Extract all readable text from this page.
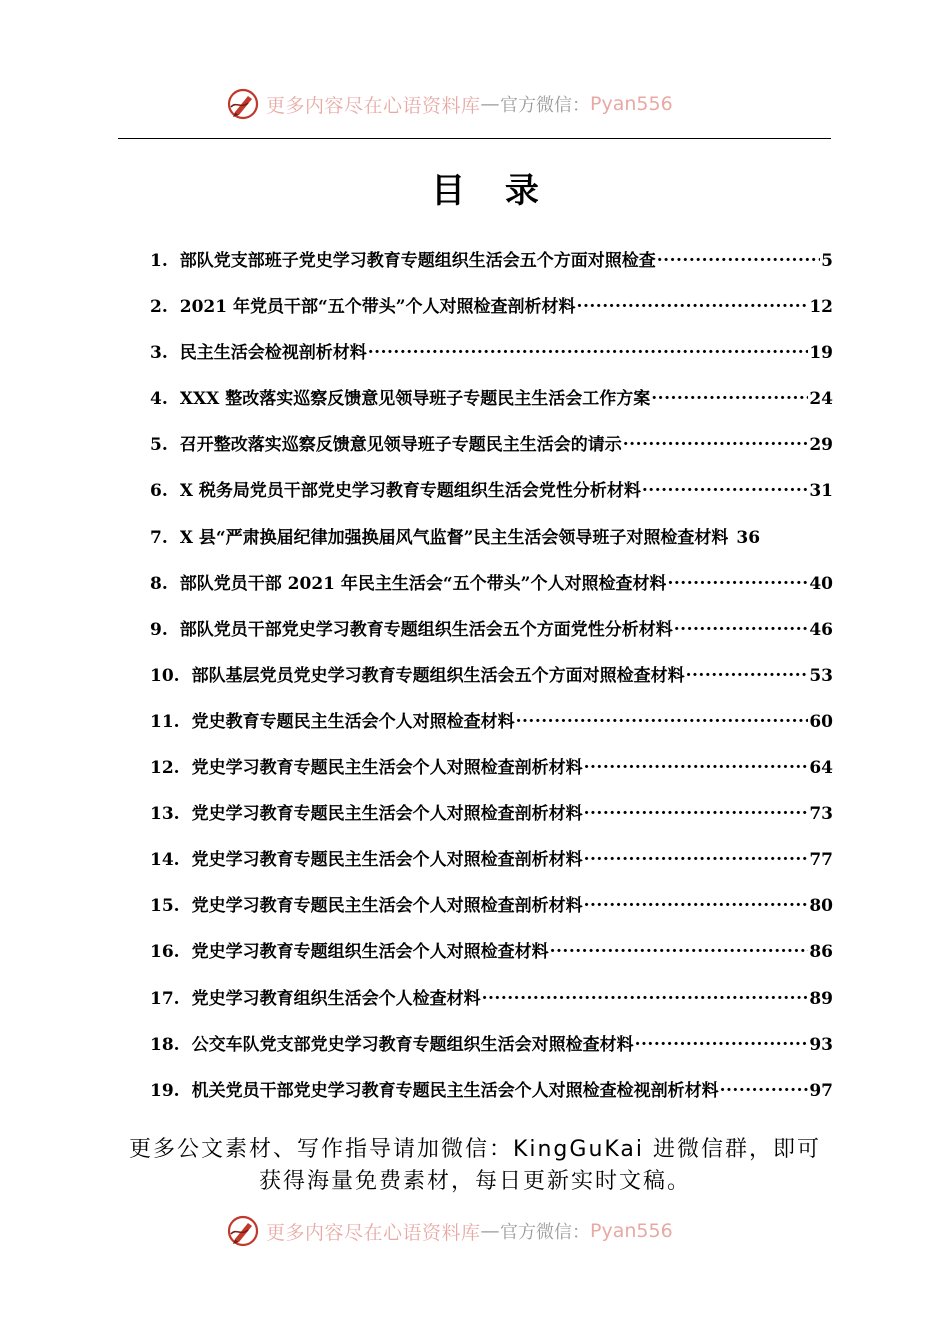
更多内容尽在心语资料库 — 官方微信： Pyan556
目 录
1. 部队党支部班子党史学习教育专题组织生活会五个方面对照检查 .....	5
2. 2021 年党员干部“五个带头”个人对照检查剖析材料 .....	12
3. 民主生活会检视剖析材料 .....	19
4. XXX 整改落实巡察反馈意见领导班子专题民主生活会工作方案 .....	24
5. 召开整改落实巡察反馈意见领导班子专题民主生活会的请示 .....	29
6. X 税务局党员干部党史学习教育专题组织生活会党性分析材料 .....	31
7. X 县“严肃换届纪律加强换届风气监督”民主生活会领导班子对照检查材料 36
8. 部队党员干部 2021 年民主生活会“五个带头”个人对照检查材料 .....	40
9. 部队党员干部党史学习教育专题组织生活会五个方面党性分析材料 .....	46
10. 部队基层党员党史学习教育专题组织生活会五个方面对照检查材料 .....	53
11. 党史教育专题民主生活会个人对照检查材料 .....	60
12. 党史学习教育专题民主生活会个人对照检查剖析材料 .....	64
13. 党史学习教育专题民主生活会个人对照检查剖析材料 .....	73
14. 党史学习教育专题民主生活会个人对照检查剖析材料 .....	77
15. 党史学习教育专题民主生活会个人对照检查剖析材料 .....	80
16. 党史学习教育专题组织生活会个人对照检查材料 .....	86
17. 党史学习教育组织生活会个人检查材料 .....	89
18. 公交车队党支部党史学习教育专题组织生活会对照检查材料 .....	93
19. 机关党员干部党史学习教育专题民主生活会个人对照检查检视剖析材料 .....	97
更多公文素材、写作指导请加微信：KingGuKai 进微信群，即可
获得海量免费素材，每日更新实时文稿。
更多内容尽在心语资料库 — 官方微信： Pyan556
